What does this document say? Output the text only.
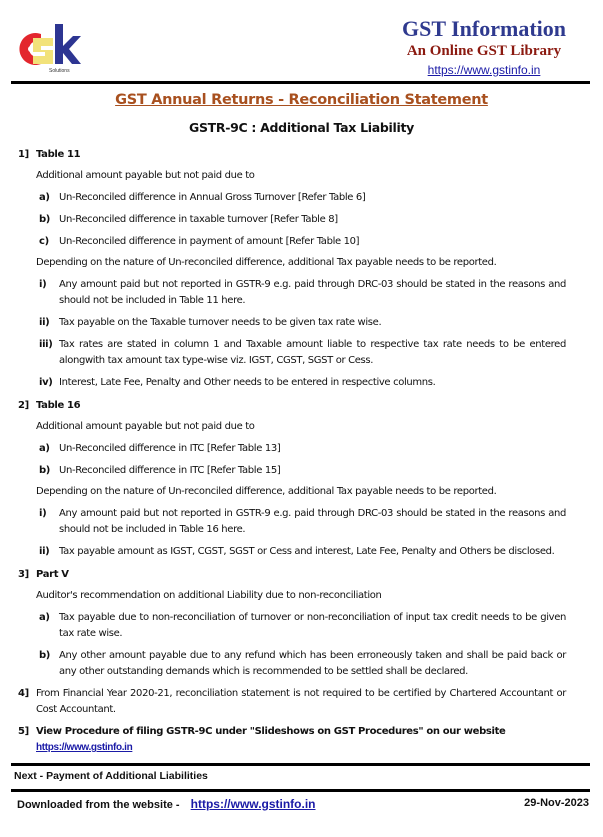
Solutions
GST Information
An Online GST Library
https://www.gstinfo.in
GST Annual Returns - Reconciliation Statement
GSTR-9C : Additional Tax Liability
1] Table 11
Additional amount payable but not paid due to
a) Un-Reconciled difference in Annual Gross Turnover [Refer Table 6]
b) Un-Reconciled difference in taxable turnover [Refer Table 8]
c) Un-Reconciled difference in payment of amount [Refer Table 10]
Depending on the nature of Un-reconciled difference, additional Tax payable needs to be reported.
i) Any amount paid but not reported in GSTR-9 e.g. paid through DRC-03 should be stated in the reasons and should not be included in Table 11 here.
ii) Tax payable on the Taxable turnover needs to be given tax rate wise.
iii) Tax rates are stated in column 1 and Taxable amount liable to respective tax rate needs to be entered alongwith tax amount tax type-wise viz. IGST, CGST, SGST or Cess.
iv) Interest, Late Fee, Penalty and Other needs to be entered in respective columns.
2] Table 16
Additional amount payable but not paid due to
a) Un-Reconciled difference in ITC [Refer Table 13]
b) Un-Reconciled difference in ITC [Refer Table 15]
Depending on the nature of Un-reconciled difference, additional Tax payable needs to be reported.
i) Any amount paid but not reported in GSTR-9 e.g. paid through DRC-03 should be stated in the reasons and should not be included in Table 16 here.
ii) Tax payable amount as IGST, CGST, SGST or Cess and interest, Late Fee, Penalty and Others be disclosed.
3] Part V
Auditor's recommendation on additional Liability due to non-reconciliation
a) Tax payable due to non-reconciliation of turnover or non-reconciliation of input tax credit needs to be given tax rate wise.
b) Any other amount payable due to any refund which has been erroneously taken and shall be paid back or any other outstanding demands which is recommended to be settled shall be declared.
4] From Financial Year 2020-21, reconciliation statement is not required to be certified by Chartered Accountant or Cost Accountant.
5] View Procedure of filing GSTR-9C under "Slideshows on GST Procedures" on our website
https://www.gstinfo.in
Next - Payment of Additional Liabilities
Downloaded from the website - https://www.gstinfo.in	29-Nov-2023
